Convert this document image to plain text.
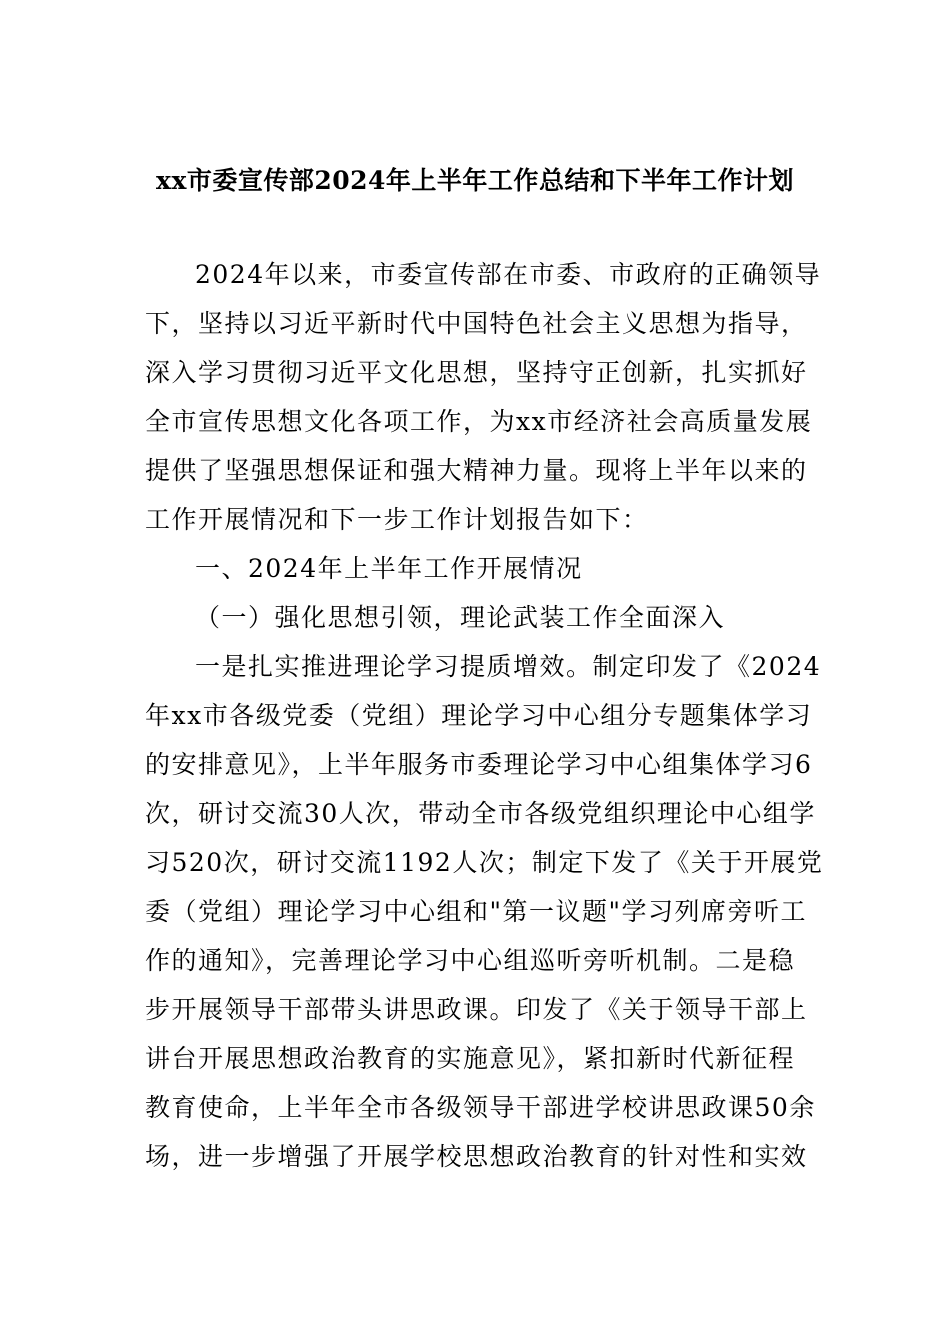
xx市委宣传部2024年上半年工作总结和下半年工作计划
2024年以来，市委宣传部在市委、市政府的正确领导
下，坚持以习近平新时代中国特色社会主义思想为指导，
深入学习贯彻习近平文化思想，坚持守正创新，扎实抓好
全市宣传思想文化各项工作，为xx市经济社会高质量发展
提供了坚强思想保证和强大精神力量。现将上半年以来的
工作开展情况和下一步工作计划报告如下：
一、2024年上半年工作开展情况
（一）强化思想引领，理论武装工作全面深入
一是扎实推进理论学习提质增效。制定印发了《2024
年xx市各级党委（党组）理论学习中心组分专题集体学习
的安排意见》，上半年服务市委理论学习中心组集体学习6
次，研讨交流30人次，带动全市各级党组织理论中心组学
习520次，研讨交流1192人次；制定下发了《关于开展党
委（党组）理论学习中心组和"第一议题"学习列席旁听工
作的通知》，完善理论学习中心组巡听旁听机制。二是稳
步开展领导干部带头讲思政课。印发了《关于领导干部上
讲台开展思想政治教育的实施意见》，紧扣新时代新征程
教育使命，上半年全市各级领导干部进学校讲思政课50余
场，进一步增强了开展学校思想政治教育的针对性和实效
